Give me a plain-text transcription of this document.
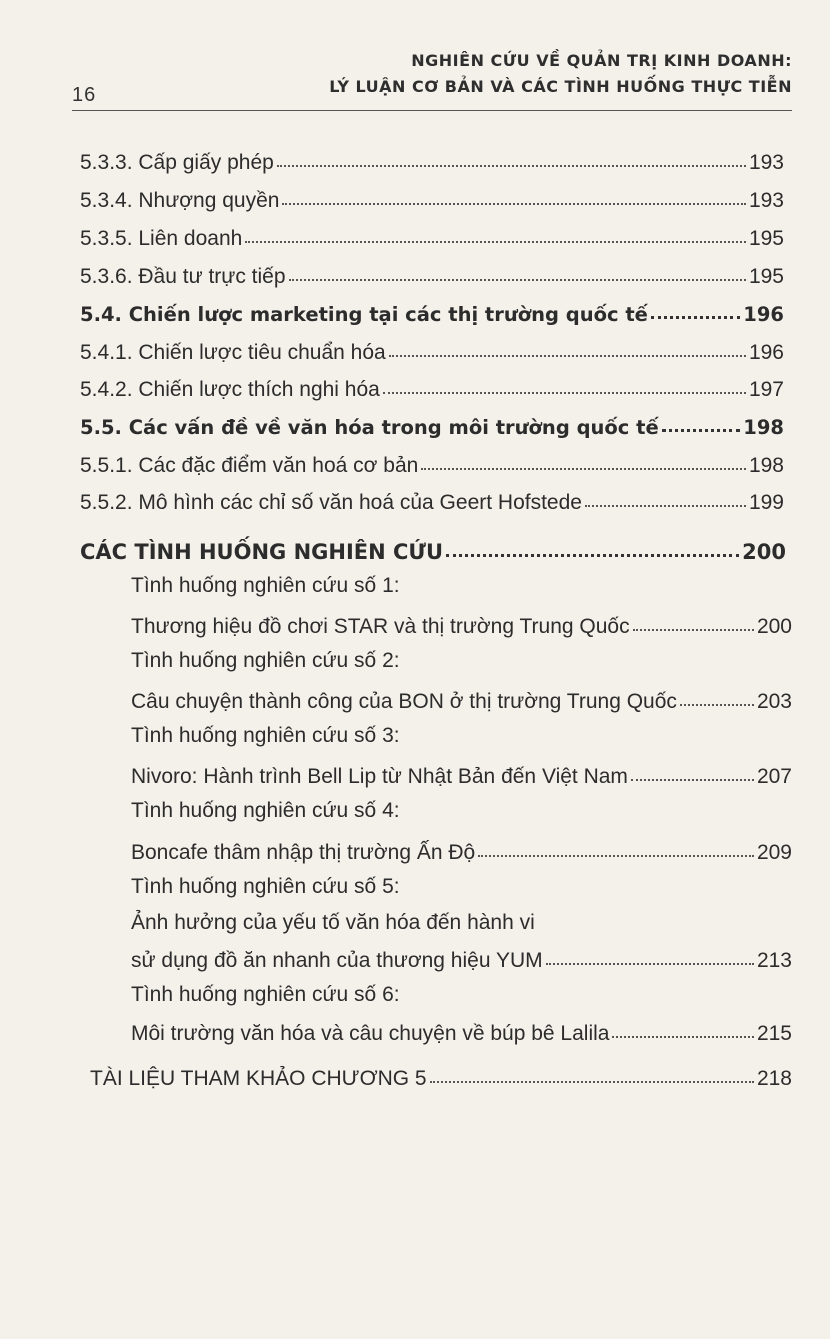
16
NGHIÊN CỨU VỀ QUẢN TRỊ KINH DOANH:
LÝ LUẬN CƠ BẢN VÀ CÁC TÌNH HUỐNG THỰC TIỄN
5.3.3. Cấp giấy phép	193
5.3.4. Nhượng quyền	193
5.3.5. Liên doanh	195
5.3.6. Đầu tư trực tiếp	195
5.4. Chiến lược marketing tại các thị trường quốc tế	196
5.4.1. Chiến lược tiêu chuẩn hóa	196
5.4.2. Chiến lược thích nghi hóa	197
5.5. Các vấn đề về văn hóa trong môi trường quốc tế	198
5.5.1. Các đặc điểm văn hoá cơ bản	198
5.5.2. Mô hình các chỉ số văn hoá của Geert Hofstede	199
CÁC TÌNH HUỐNG NGHIÊN CỨU	200
Tình huống nghiên cứu số 1:
Thương hiệu đồ chơi STAR và thị trường Trung Quốc	200
Tình huống nghiên cứu số 2:
Câu chuyện thành công của BON ở thị trường Trung Quốc	203
Tình huống nghiên cứu số 3:
Nivoro: Hành trình Bell Lip từ Nhật Bản đến Việt Nam	207
Tình huống nghiên cứu số 4:
Boncafe thâm nhập thị trường Ấn Độ	209
Tình huống nghiên cứu số 5:
Ảnh hưởng của yếu tố văn hóa đến hành vi
sử dụng đồ ăn nhanh của thương hiệu YUM	213
Tình huống nghiên cứu số 6:
Môi trường văn hóa và câu chuyện về búp bê Lalila	215
TÀI LIỆU THAM KHẢO CHƯƠNG 5	218
